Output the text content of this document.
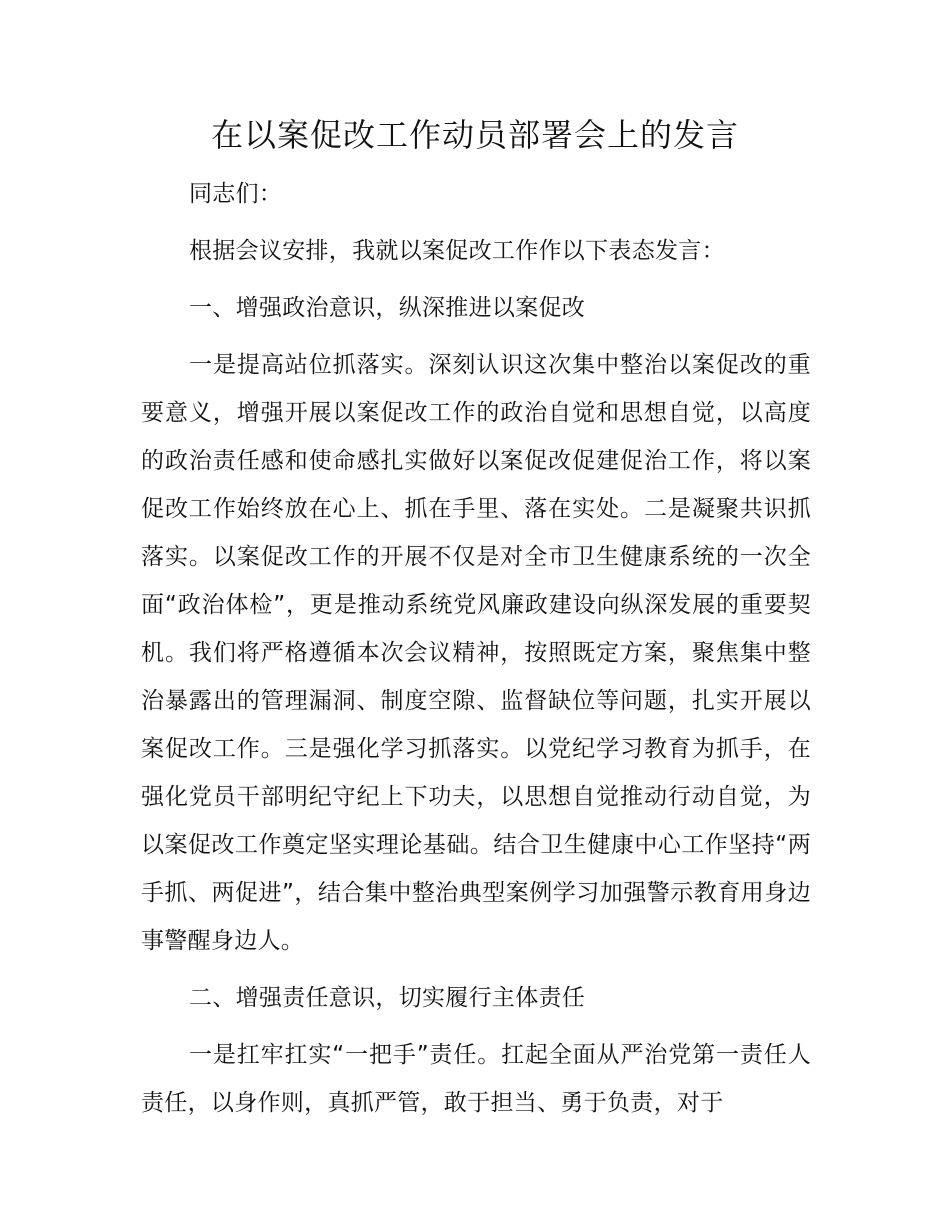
在以案促改工作动员部署会上的发言

同志们：

根据会议安排，我就以案促改工作作以下表态发言：

一、增强政治意识，纵深推进以案促改

一是提高站位抓落实。深刻认识这次集中整治以案促改的重要意义，增强开展以案促改工作的政治自觉和思想自觉，以高度的政治责任感和使命感扎实做好以案促改促建促治工作，将以案促改工作始终放在心上、抓在手里、落在实处。二是凝聚共识抓落实。以案促改工作的开展不仅是对全市卫生健康系统的一次全面“政治体检”，更是推动系统党风廉政建设向纵深发展的重要契机。我们将严格遵循本次会议精神，按照既定方案，聚焦集中整治暴露出的管理漏洞、制度空隙、监督缺位等问题，扎实开展以案促改工作。三是强化学习抓落实。以党纪学习教育为抓手，在强化党员干部明纪守纪上下功夫，以思想自觉推动行动自觉，为以案促改工作奠定坚实理论基础。结合卫生健康中心工作坚持“两手抓、两促进”，结合集中整治典型案例学习加强警示教育用身边事警醒身边人。

二、增强责任意识，切实履行主体责任

一是扛牢扛实“一把手”责任。扛起全面从严治党第一责任人责任，以身作则，真抓严管，敢于担当、勇于负责，对于
